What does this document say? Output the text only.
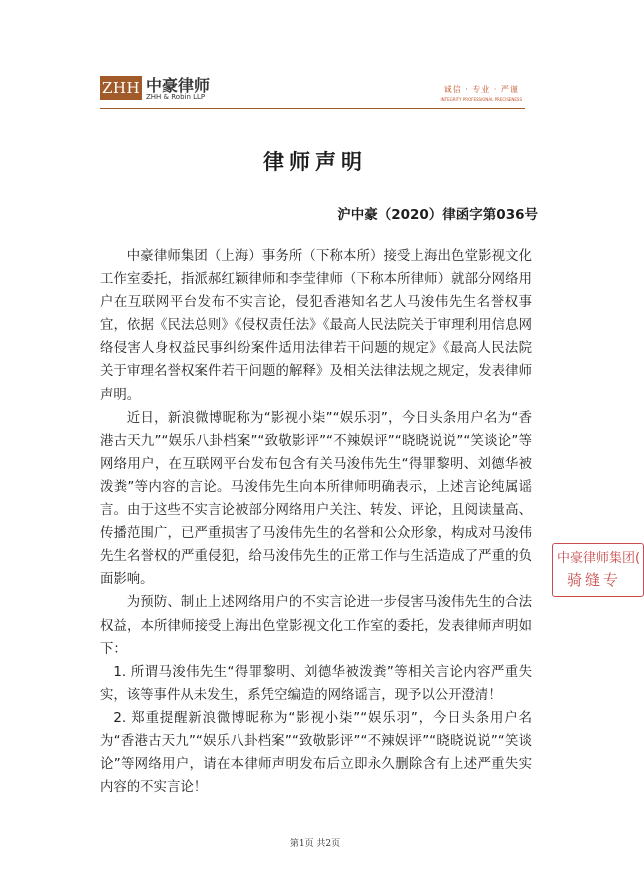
ZHH 中豪律师
ZHH & Robin LLP
诚信 · 专业 · 严谨
INTEGRITY PROFESSIONAL PRECISENESS
律师声明
沪中豪（2020）律函字第036号

中豪律师集团（上海）事务所（下称本所）接受上海出色堂影视文化工作室委托，指派郝红颖律师和李莹律师（下称本所律师）就部分网络用户在互联网平台发布不实言论，侵犯香港知名艺人马浚伟先生名誉权事宜，依据《民法总则》《侵权责任法》《最高人民法院关于审理利用信息网络侵害人身权益民事纠纷案件适用法律若干问题的规定》《最高人民法院关于审理名誉权案件若干问题的解释》及相关法律法规之规定，发表律师声明。

近日，新浪微博昵称为“影视小柒”“娱乐羽”，今日头条用户名为“香港古天九”“娱乐八卦档案”“致敬影评”“不辣娱评”“晓晓说说”“笑谈论”等网络用户，在互联网平台发布包含有关马浚伟先生“得罪黎明、刘德华被泼粪”等内容的言论。马浚伟先生向本所律师明确表示，上述言论纯属谣言。由于这些不实言论被部分网络用户关注、转发、评论，且阅读量高、传播范围广，已严重损害了马浚伟先生的名誉和公众形象，构成对马浚伟先生名誉权的严重侵犯，给马浚伟先生的正常工作与生活造成了严重的负面影响。

为预防、制止上述网络用户的不实言论进一步侵害马浚伟先生的合法权益，本所律师接受上海出色堂影视文化工作室的委托，发表律师声明如下：

1. 所谓马浚伟先生“得罪黎明、刘德华被泼粪”等相关言论内容严重失实，该等事件从未发生，系凭空编造的网络谣言，现予以公开澄清！

2. 郑重提醒新浪微博昵称为“影视小柒”“娱乐羽”，今日头条用户名为“香港古天九”“娱乐八卦档案”“致敬影评”“不辣娱评”“晓晓说说”“笑谈论”等网络用户，请在本律师声明发布后立即永久删除含有上述严重失实内容的不实言论！

中豪律师集团(
骑缝专
第1页 共2页
